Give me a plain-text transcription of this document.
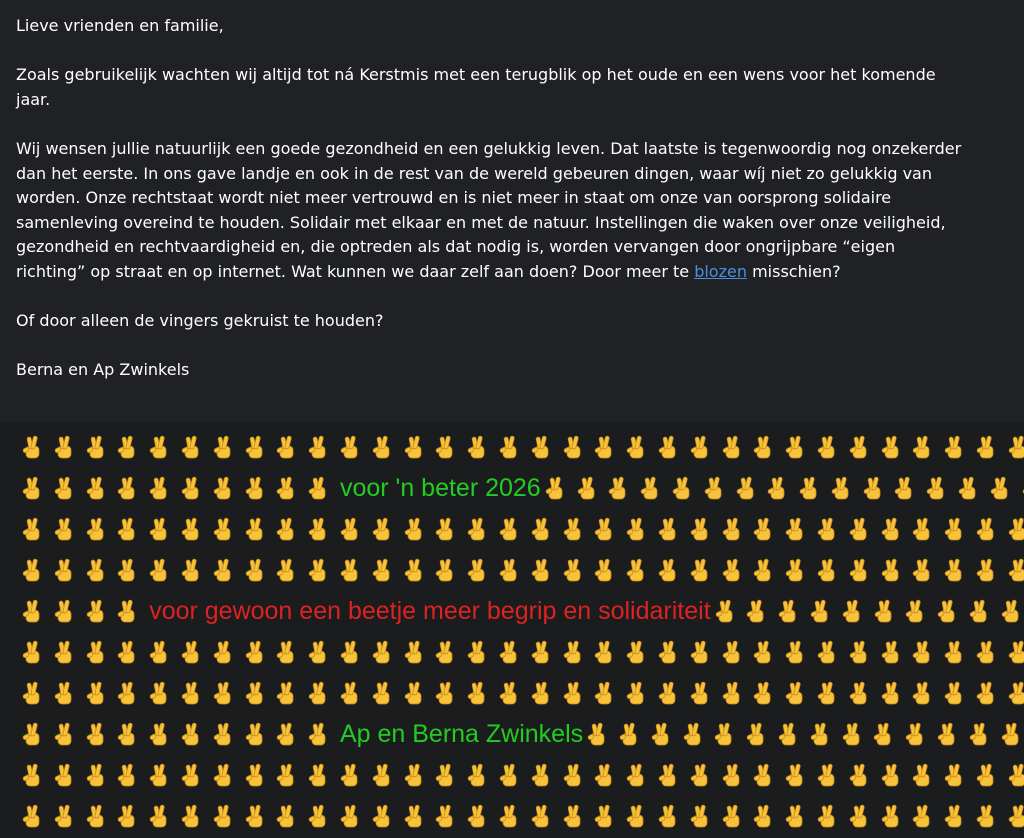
Lieve vrienden en familie,

Zoals gebruikelijk wachten wij altijd tot ná Kerstmis met een terugblik op het oude en een wens voor het komende
jaar.

Wij wensen jullie natuurlijk een goede gezondheid en een gelukkig leven. Dat laatste is tegenwoordig nog onzekerder
dan het eerste. In ons gave landje en ook in de rest van de wereld gebeuren dingen, waar wíj niet zo gelukkig van
worden. Onze rechtstaat wordt niet meer vertrouwd en is niet meer in staat om onze van oorsprong solidaire
samenleving overeind te houden. Solidair met elkaar en met de natuur. Instellingen die waken over onze veiligheid,
gezondheid en rechtvaardigheid en, die optreden als dat nodig is, worden vervangen door ongrijpbare “eigen
richting” op straat en op internet. Wat kunnen we daar zelf aan doen? Door meer te blozen misschien?

Of door alleen de vingers gekruist te houden?

Berna en Ap Zwinkels

voor 'n beter 2026
voor gewoon een beetje meer begrip en solidariteit
Ap en Berna Zwinkels
